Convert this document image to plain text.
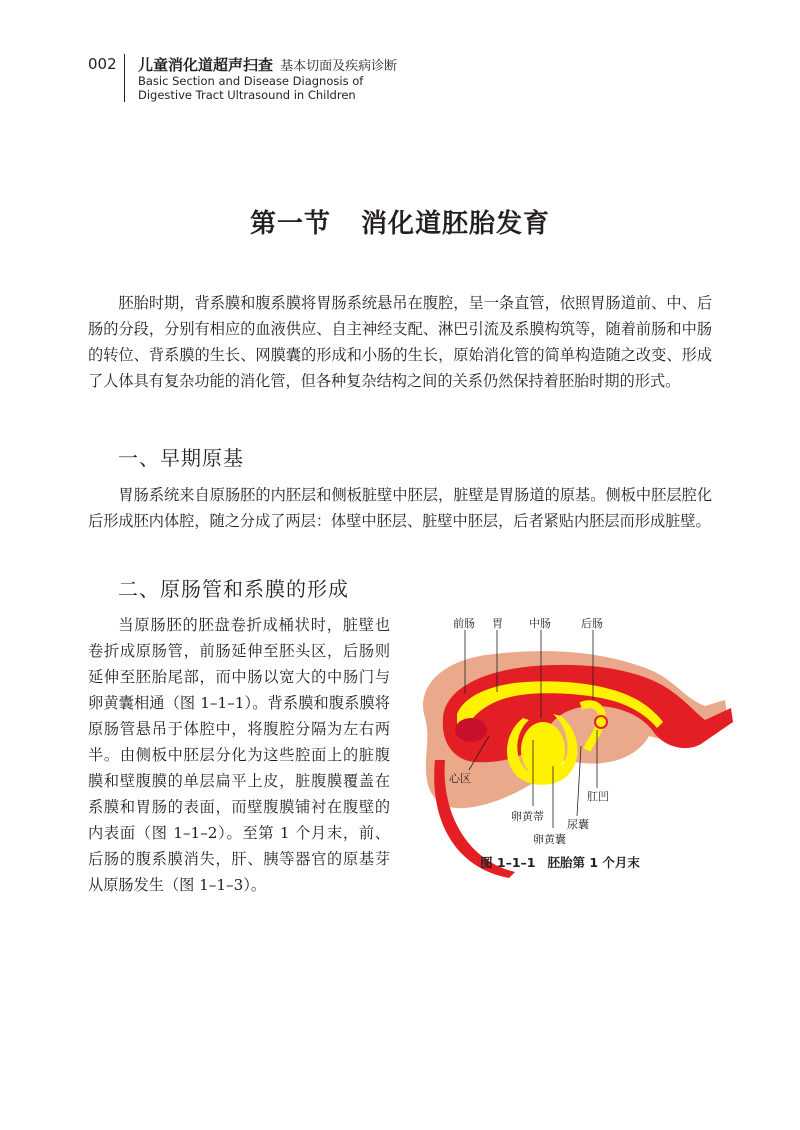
002 儿童消化道超声扫查 基本切面及疾病诊断
Basic Section and Disease Diagnosis of
Digestive Tract Ultrasound in Children
第一节 消化道胚胎发育

胚胎时期，背系膜和腹系膜将胃肠系统悬吊在腹腔，呈一条直管，依照胃肠道前、中、后肠的分段，分别有相应的血液供应、自主神经支配、淋巴引流及系膜构筑等，随着前肠和中肠的转位、背系膜的生长、网膜囊的形成和小肠的生长，原始消化管的简单构造随之改变、形成了人体具有复杂功能的消化管，但各种复杂结构之间的关系仍然保持着胚胎时期的形式。

一、早期原基

胃肠系统来自原肠胚的内胚层和侧板脏壁中胚层，脏壁是胃肠道的原基。侧板中胚层腔化后形成胚内体腔，随之分成了两层：体壁中胚层、脏壁中胚层，后者紧贴内胚层而形成脏壁。

二、原肠管和系膜的形成

当原肠胚的胚盘卷折成桶状时，脏壁也卷折成原肠管，前肠延伸至胚头区，后肠则延伸至胚胎尾部，而中肠以宽大的中肠门与卵黄囊相通（图 1–1–1）。背系膜和腹系膜将原肠管悬吊于体腔中，将腹腔分隔为左右两半。由侧板中胚层分化为这些腔面上的脏腹膜和壁腹膜的单层扁平上皮，脏腹膜覆盖在系膜和胃肠的表面，而壁腹膜铺衬在腹壁的内表面（图 1–1–2）。至第 1 个月末，前、后肠的腹系膜消失，肝、胰等器官的原基芽从原肠发生（图 1–1–3）。

前肠 胃 中肠	后肠
心区
卵黄蒂
卵黄囊
尿囊
肛凹
图 1–1–1 胚胎第 1 个月末
